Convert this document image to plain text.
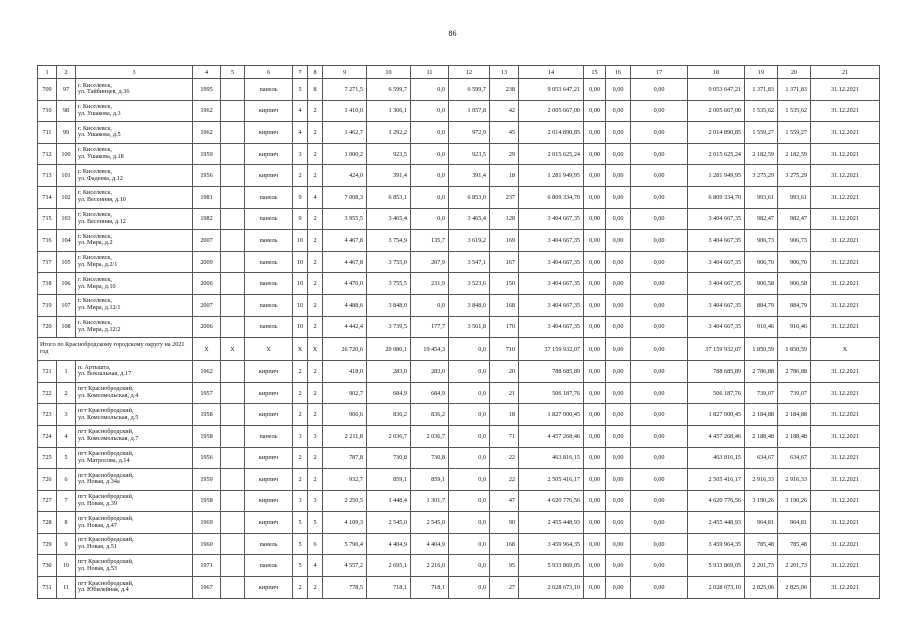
86
1	2	3	4	5	6	7	8	9	10	11	12	13	14	15	16	17	18	19	20	21
709	97	г. Киселевск,
ул. Тайбинцев, д.36	1995		панель	5	8	7 271,5	6 599,7	0,0	6 599,7	238	9 053 647,21	0,00	0,00	0,00	9 053 647,21	1 371,83	1 371,83	31.12.2021
710	98	г. Киселевск,
ул. Ушакова, д.3	1962		кирпич	4	2	1 410,0	1 306,1	0,0	1 057,8	42	2 005 667,00	0,00	0,00	0,00	2 005 667,00	1 535,62	1 535,62	31.12.2021
711	99	г. Киселевск,
ул. Ушакова, д.5	1962		кирпич	4	2	1 462,7	1 292,2	0,0	972,9	45	2 014 890,85	0,00	0,00	0,00	2 014 890,85	1 559,27	1 559,27	31.12.2021
712	100	г. Киселевск,
ул. Ушакова, д.18	1959		кирпич	3	2	1 000,2	923,5	0,0	923,5	29	2 015 625,24	0,00	0,00	0,00	2 015 625,24	2 182,59	2 182,59	31.12.2021
713	101	г. Киселевск,
ул. Фадеева, д.12	1956		кирпич	2	2	424,0	391,4	0,0	391,4	18	1 281 949,95	0,00	0,00	0,00	1 281 949,95	3 275,29	3 275,29	31.12.2021
714	102	г. Киселевск,
ул. Весенняя, д.10	1981		панель	9	4	7 008,3	6 853,1	0,0	6 853,0	237	6 809 334,70	0,00	0,00	0,00	6 809 334,70	993,61	993,61	31.12.2021
715	103	г. Киселевск,
ул. Весенняя, д.12	1982		панель	9	2	3 955,5	3 465,4	0,0	3 465,4	128	3 404 667,35	0,00	0,00	0,00	3 404 667,35	982,47	982,47	31.12.2021
716	104	г. Киселевск,
ул. Мира, д.2	2007		панель	10	2	4 467,8	3 754,9	135,7	3 619,2	169	3 404 667,35	0,00	0,00	0,00	3 404 667,35	906,73	906,73	31.12.2021
717	105	г. Киселевск,
ул. Мира, д.2/1	2009		панель	10	2	4 467,8	3 755,0	207,9	3 547,1	167	3 404 667,35	0,00	0,00	0,00	3 404 667,35	906,70	906,70	31.12.2021
718	106	г. Киселевск,
ул. Мира, д.10	2006		панель	10	2	4 470,0	3 755,5	231,9	3 523,6	150	3 404 667,35	0,00	0,00	0,00	3 404 667,35	906,58	906,58	31.12.2021
719	107	г. Киселевск,
ул. Мира, д.12/1	2007		панель	10	2	4 488,6	3 848,0	0,0	3 848,0	168	3 404 667,35	0,00	0,00	0,00	3 404 667,35	884,79	884,79	31.12.2021
720	108	г. Киселевск,
ул. Мира, д.12/2	2006		панель	10	2	4 442,4	3 739,5	177,7	3 561,8	170	3 404 667,35	0,00	0,00	0,00	3 404 667,35	910,46	910,46	31.12.2021
Итого по Краснобродскому городскому округу на 2021 год			X	X	X	X	X	26 720,6	20 080,1	19 454,3	0,0	710	37 159 932,07	0,00	0,00	0,00	37 159 932,07	1 850,59	1 850,59	X
721	1	п. Артышта,
ул. Вокзальная, д.17	1962		кирпич	2	2	418,0	283,0	283,0	0,0	20	788 685,89	0,00	0,00	0,00	788 685,89	2 786,88	2 786,88	31.12.2021
722	2	пгт Краснобродский,
ул. Комсомольская, д.4	1957		кирпич	2	2	902,7	684,9	684,9	0,0	21	506 187,76	0,00	0,00	0,00	506 187,76	739,07	739,07	31.12.2021
723	3	пгт Краснобродский,
ул. Комсомольская, д.5	1958		кирпич	2	2	906,6	836,2	836,2	0,0	18	1 827 000,45	0,00	0,00	0,00	1 827 000,45	2 184,88	2 184,88	31.12.2021
724	4	пгт Краснобродский,
ул. Комсомольская, д.7	1958		панель	3	3	2 211,8	2 036,7	2 036,7	0,0	71	4 457 268,46	0,00	0,00	0,00	4 457 268,46	2 188,48	2 188,48	31.12.2021
725	5	пгт Краснобродский,
ул. Матросова, д.14	1956		кирпич	2	2	787,8	730,8	730,8	0,0	22	463 816,15	0,00	0,00	0,00	463 816,15	634,67	634,67	31.12.2021
726	6	пгт Краснобродский,
ул. Новая, д.34а	1959		кирпич	2	2	932,7	859,1	859,1	0,0	22	2 505 416,17	0,00	0,00	0,00	2 505 416,17	2 916,33	2 916,33	31.12.2021
727	7	пгт Краснобродский,
ул. Новая, д.39	1958		кирпич	3	3	2 250,5	1 448,4	1 301,7	0,0	47	4 620 776,56	0,00	0,00	0,00	4 620 776,56	3 190,26	3 190,26	31.12.2021
728	8	пгт Краснобродский,
ул. Новая, д.47	1969		кирпич	5	5	4 109,3	2 545,0	2 545,0	0,0	90	2 455 448,93	0,00	0,00	0,00	2 455 448,93	964,81	964,81	31.12.2021
729	9	пгт Краснобродский,
ул. Новая, д.51	1960		панель	5	6	5 790,4	4 404,9	4 404,9	0,0	168	3 459 964,35	0,00	0,00	0,00	3 459 964,35	785,48	785,48	31.12.2021
730	10	пгт Краснобродский,
ул. Новая, д.53	1971		панель	5	4	4 557,2	2 695,1	2 216,0	0,0	95	5 933 869,05	0,00	0,00	0,00	5 933 869,05	2 201,73	2 201,73	31.12.2021
731	11	пгт Краснобродский,
ул. Юбилейная, д.4	1967		кирпич	2	2	778,5	718,1	718,1	0,0	27	2 028 673,10	0,00	0,00	0,00	2 028 673,10	2 825,06	2 825,06	31.12.2021
